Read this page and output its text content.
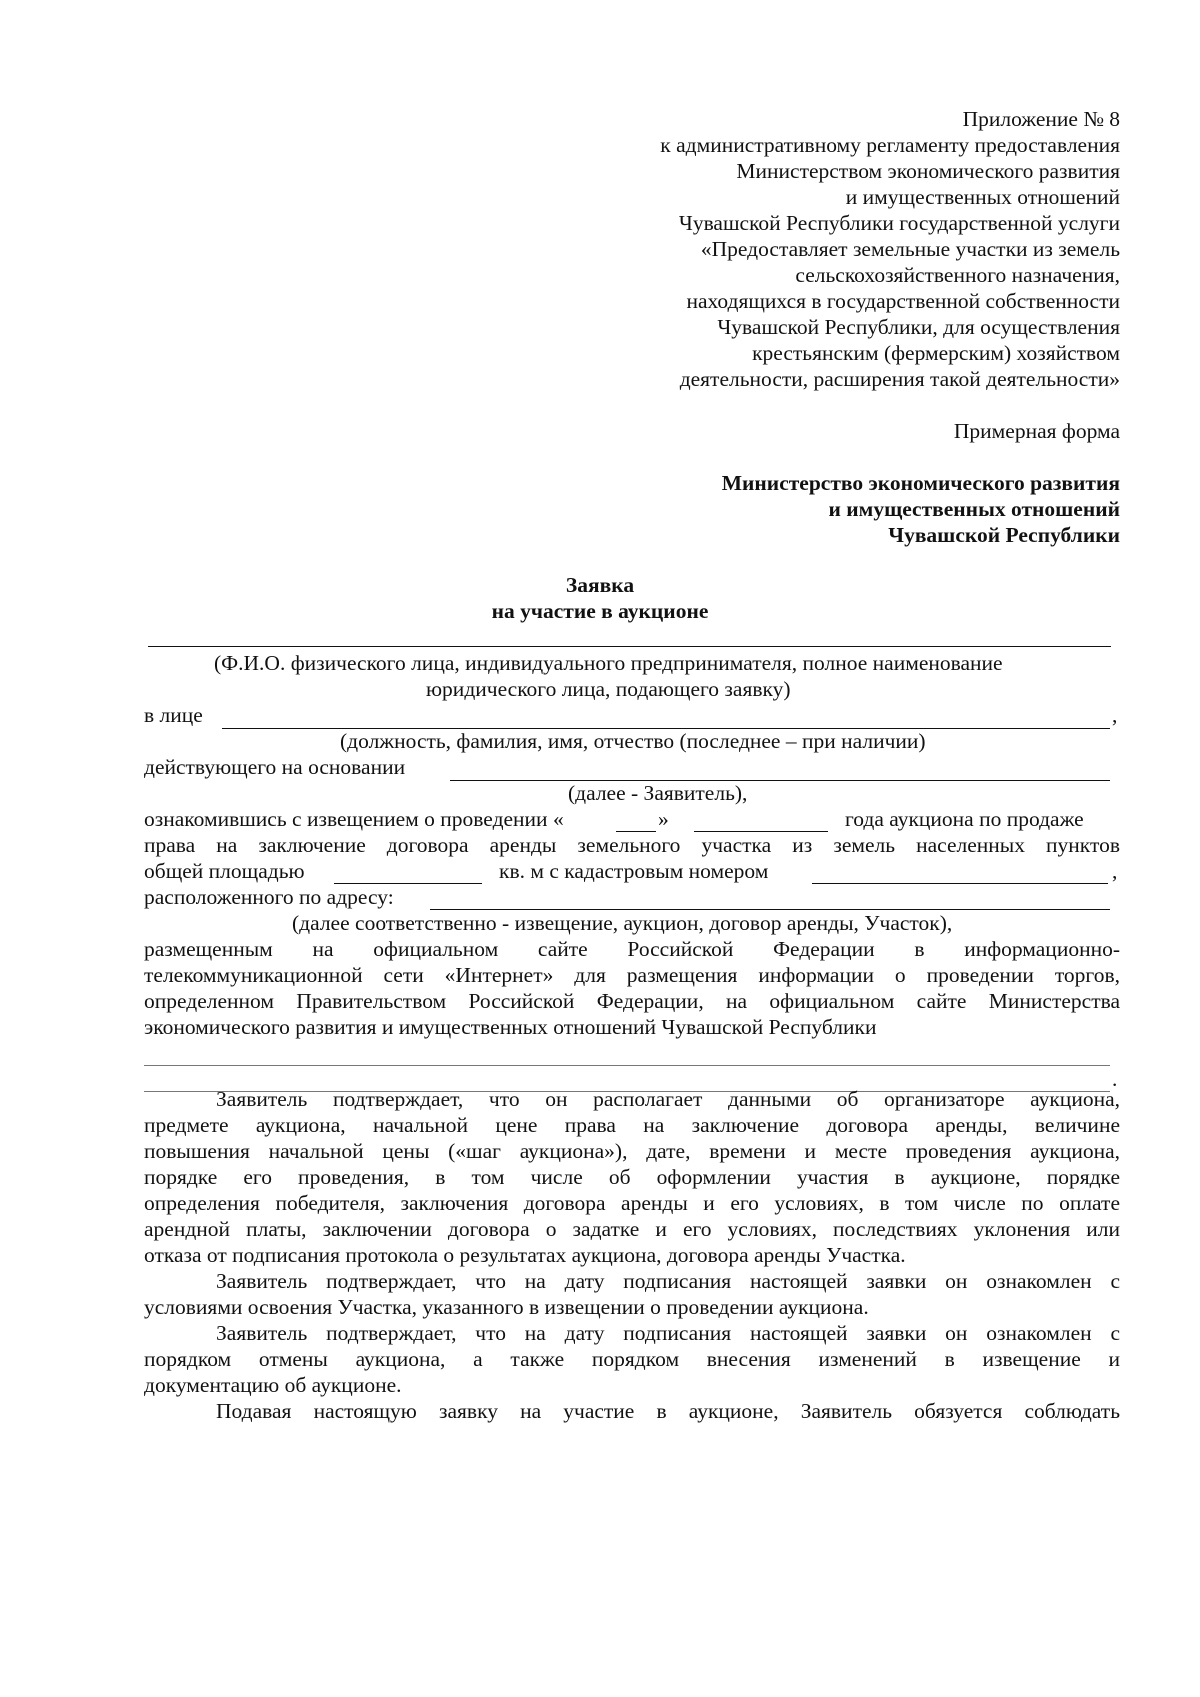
Приложение № 8
к административному регламенту предоставления
Министерством экономического развития
и имущественных отношений
Чувашской Республики государственной услуги
«Предоставляет земельные участки из земель
сельскохозяйственного назначения,
находящихся в государственной собственности
Чувашской Республики, для осуществления
крестьянским (фермерским) хозяйством
деятельности, расширения такой деятельности»
Примерная форма
Министерство экономического развития
и имущественных отношений
Чувашской Республики
Заявка
на участие в аукционе
(Ф.И.О. физического лица, индивидуального предпринимателя, полное наименование
юридического лица, подающего заявку)
в лице	,
(должность, фамилия, имя, отчество (последнее – при наличии)
действующего на основании
(далее - Заявитель),
ознакомившись с извещением о проведении «	»	года аукциона по продаже
права на заключение договора аренды земельного участка из земель населенных пунктов
общей площадью	кв. м с кадастровым номером	,
расположенного по адресу:
(далее соответственно - извещение, аукцион, договор аренды, Участок),
размещенным на официальном сайте Российской Федерации в информационно-
телекоммуникационной сети «Интернет» для размещения информации о проведении торгов,
определенном Правительством Российской Федерации, на официальном сайте Министерства
экономического развития и имущественных отношений Чувашской Республики
.
Заявитель подтверждает, что он располагает данными об организаторе аукциона,
предмете аукциона, начальной цене права на заключение договора аренды, величине
повышения начальной цены («шаг аукциона»), дате, времени и месте проведения аукциона,
порядке его проведения, в том числе об оформлении участия в аукционе, порядке
определения победителя, заключения договора аренды и его условиях, в том числе по оплате
арендной платы, заключении договора о задатке и его условиях, последствиях уклонения или
отказа от подписания протокола о результатах аукциона, договора аренды Участка.
Заявитель подтверждает, что на дату подписания настоящей заявки он ознакомлен с
условиями освоения Участка, указанного в извещении о проведении аукциона.
Заявитель подтверждает, что на дату подписания настоящей заявки он ознакомлен с
порядком отмены аукциона, а также порядком внесения изменений в извещение и
документацию об аукционе.
Подавая настоящую заявку на участие в аукционе, Заявитель обязуется соблюдать
